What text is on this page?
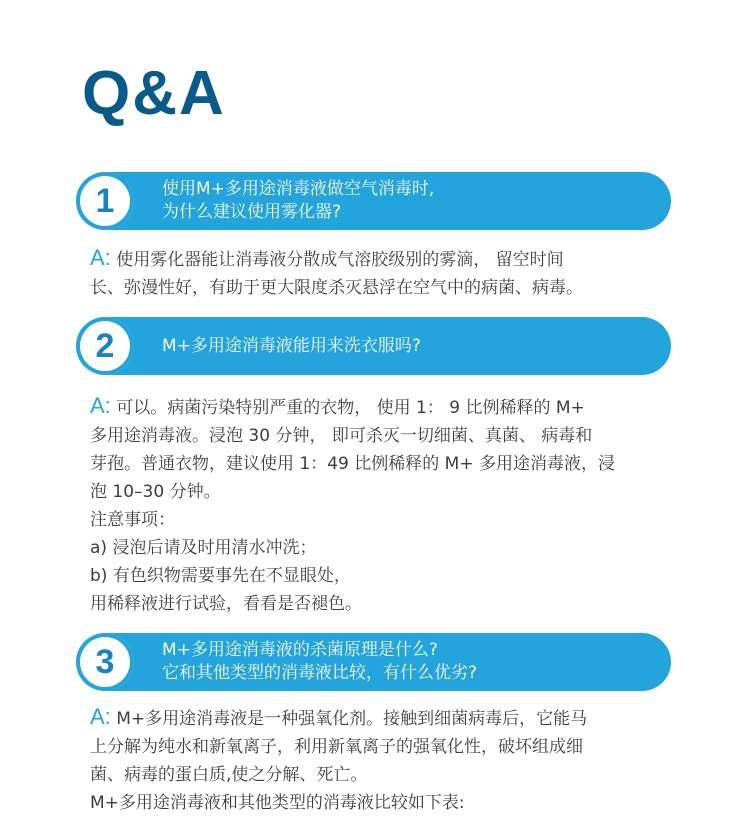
Q&A
1	使用M+多用途消毒液做空气消毒时,
为什么建议使用雾化器?
A: 使用雾化器能让消毒液分散成气溶胶级别的雾滴， 留空时间
长、弥漫性好，有助于更大限度杀灭悬浮在空气中的病菌、病毒。
2	M+多用途消毒液能用来洗衣服吗?
A: 可以。病菌污染特别严重的衣物， 使用 1： 9 比例稀释的 M+
多用途消毒液。浸泡 30 分钟， 即可杀灭一切细菌、真菌、 病毒和
芽孢。普通衣物，建议使用 1：49 比例稀释的 M+ 多用途消毒液，浸
泡 10–30 分钟。
注意事项：
a) 浸泡后请及时用清水冲洗；
b) 有色织物需要事先在不显眼处，
用稀释液进行试验，看看是否褪色。
3	M+多用途消毒液的杀菌原理是什么?
它和其他类型的消毒液比较，有什么优劣?
A: M+多用途消毒液是一种强氧化剂。接触到细菌病毒后，它能马
上分解为纯水和新氧离子，利用新氧离子的强氧化性，破坏组成细
菌、病毒的蛋白质,使之分解、死亡。
M+多用途消毒液和其他类型的消毒液比较如下表:
